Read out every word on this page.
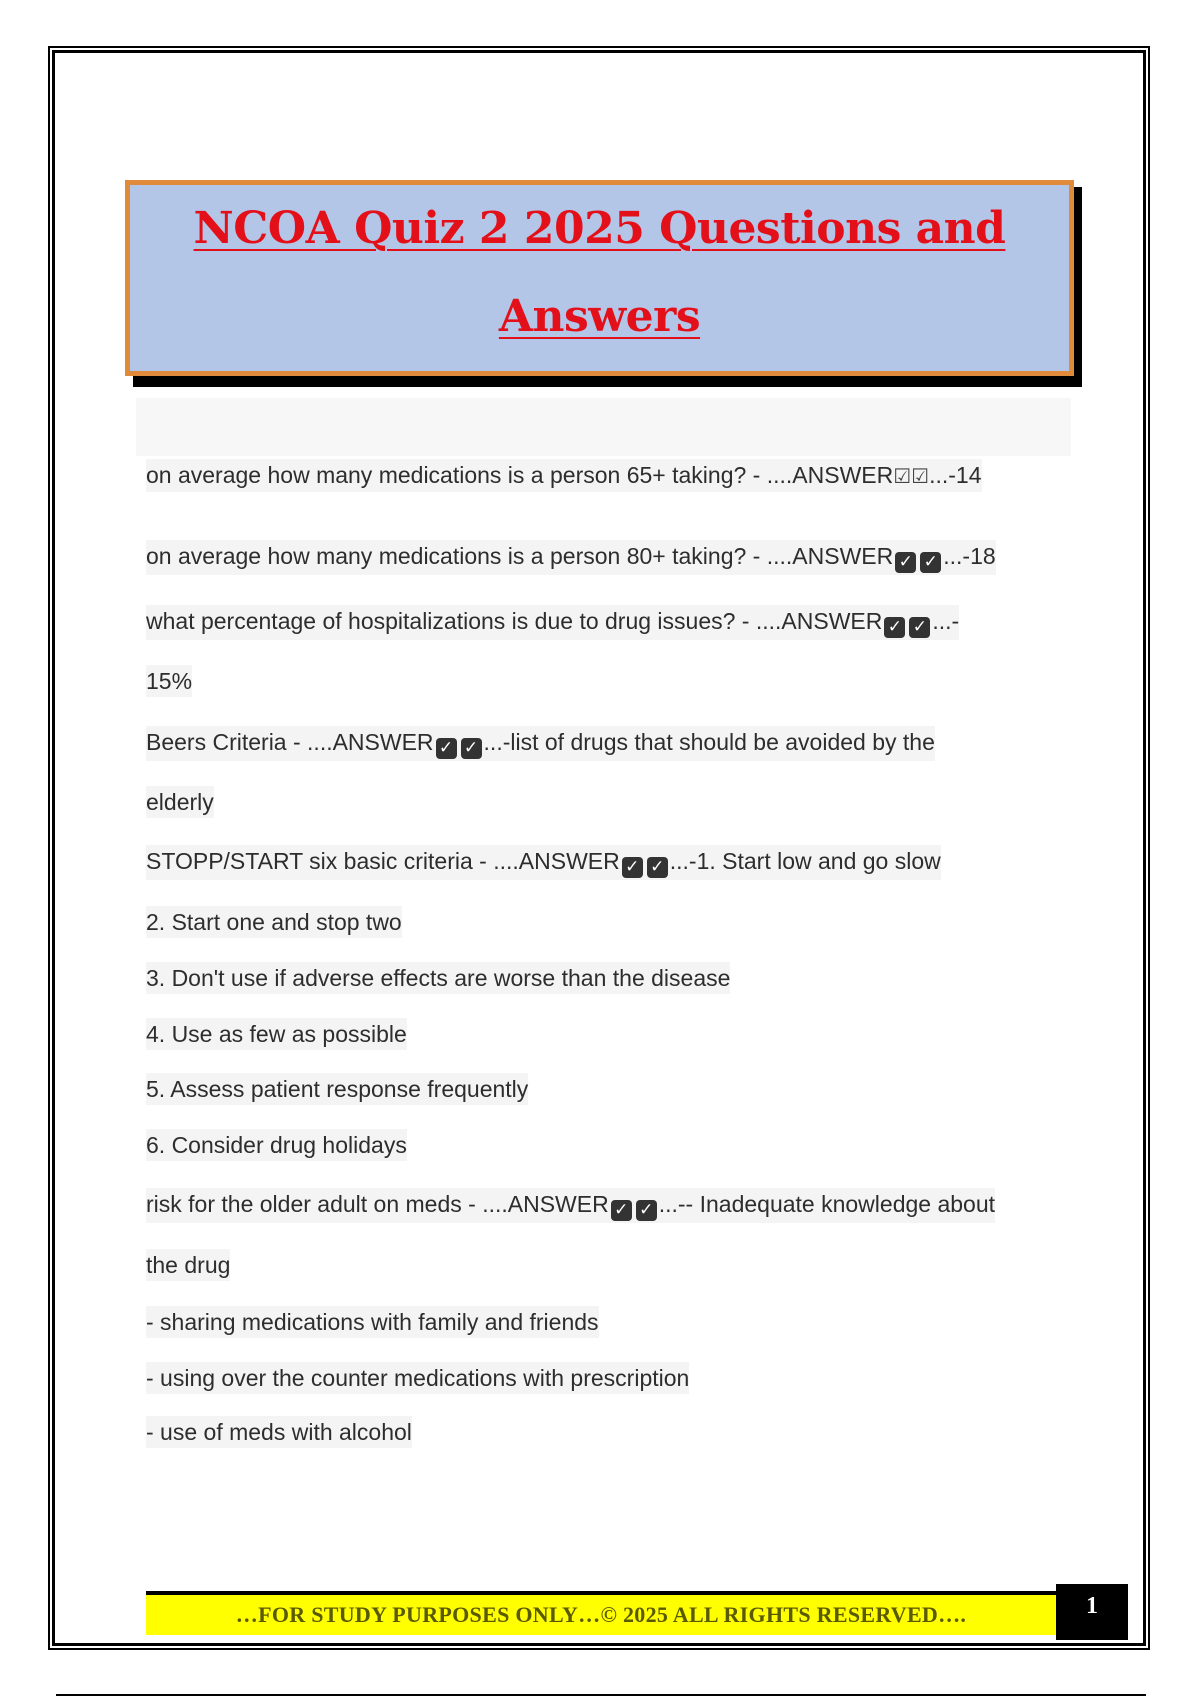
NCOA Quiz 2 2025 Questions and
Answers
on average how many medications is a person 65+ taking? - ....ANSWER☑☑...-14
on average how many medications is a person 80+ taking? - ....ANSWER ✓ ✓ ...-18
what percentage of hospitalizations is due to drug issues? - ....ANSWER ✓ ✓ ...-
15%
Beers Criteria - ....ANSWER ✓ ✓ ...-list of drugs that should be avoided by the
elderly
STOPP/START six basic criteria - ....ANSWER ✓ ✓ ...-1. Start low and go slow
2. Start one and stop two
3. Don't use if adverse effects are worse than the disease
4. Use as few as possible
5. Assess patient response frequently
6. Consider drug holidays
risk for the older adult on meds - ....ANSWER ✓ ✓ ...-- Inadequate knowledge about
the drug
- sharing medications with family and friends
- using over the counter medications with prescription
- use of meds with alcohol
…FOR STUDY PURPOSES ONLY…© 2025 ALL RIGHTS RESERVED….	1
